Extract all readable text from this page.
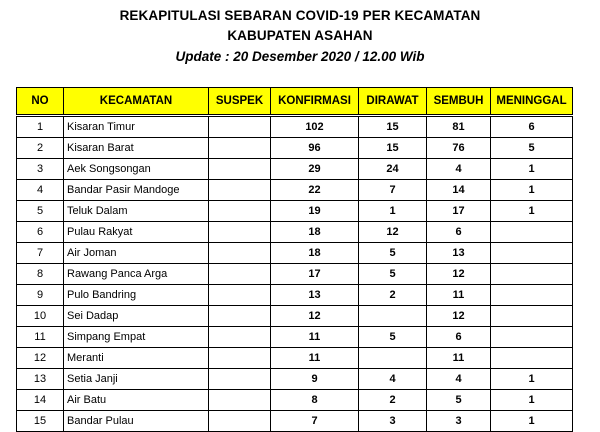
REKAPITULASI SEBARAN COVID-19 PER KECAMATAN
KABUPATEN ASAHAN
Update : 20 Desember 2020 / 12.00 Wib
NO	KECAMATAN	SUSPEK	KONFIRMASI	DIRAWAT	SEMBUH	MENINGGAL
1	Kisaran Timur		102	15	81	6
2	Kisaran Barat		96	15	76	5
3	Aek Songsongan		29	24	4	1
4	Bandar Pasir Mandoge		22	7	14	1
5	Teluk Dalam		19	1	17	1
6	Pulau Rakyat		18	12	6	
7	Air Joman		18	5	13	
8	Rawang Panca Arga		17	5	12	
9	Pulo Bandring		13	2	11	
10	Sei Dadap		12		12	
11	Simpang Empat		11	5	6	
12	Meranti		11		11	
13	Setia Janji		9	4	4	1
14	Air Batu		8	2	5	1
15	Bandar Pulau		7	3	3	1
